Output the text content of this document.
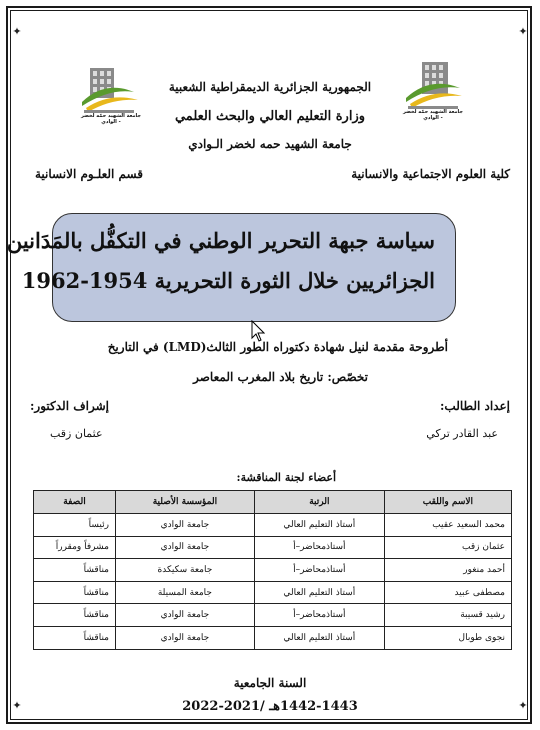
✦	✦
✦	✦
جامعة الشهيد حمّه لخضر - الوادي
جامعة الشهيد حمّه لخضر - الوادي
الجمهورية الجزائرية الديمقراطية الشعبية
وزارة التعليم العالي والبحث العلمي
جامعة الشهيد حمه لخضر الـوادي
كلية العلوم الاجتماعية والانسانية
قسم العلـوم الانسانية
سياسة جبهة التحرير الوطني في التكفُّل بالمَدَانين
الجزائريين خلال الثورة التحريرية 1954-1962
أطروحة مقدمة لنيل شهادة دكتوراه الطور الثالث(LMD) في التاريخ
تخصّص: تاريخ بلاد المغرب المعاصر
إعداد الطالب:
عبد القادر تركي
إشراف الدكتور:
عثمان زقب
أعضاء لجنة المناقشة:
الاسم واللقب	الرتبة	المؤسسة الأصلية	الصفة
محمد السعيد عقيب	أستاذ التعليم العالي	جامعة الوادي	رئيساً
عثمان زقب	أستاذمحاضر–أ	جامعة الوادي	مشرفاً ومقرراً
أحمد منغور	أستاذمحاضر–أ	جامعة سكيكدة	مناقشاً
مصطفى عبيد	أستاذ التعليم العالي	جامعة المسيلة	مناقشاً
رشيد قسيبة	أستاذمحاضر–أ	جامعة الوادي	مناقشاً
نجوى طوبال	أستاذ التعليم العالي	جامعة الوادي	مناقشاً
السنة الجامعية
1442-1443هـ /2021-2022
